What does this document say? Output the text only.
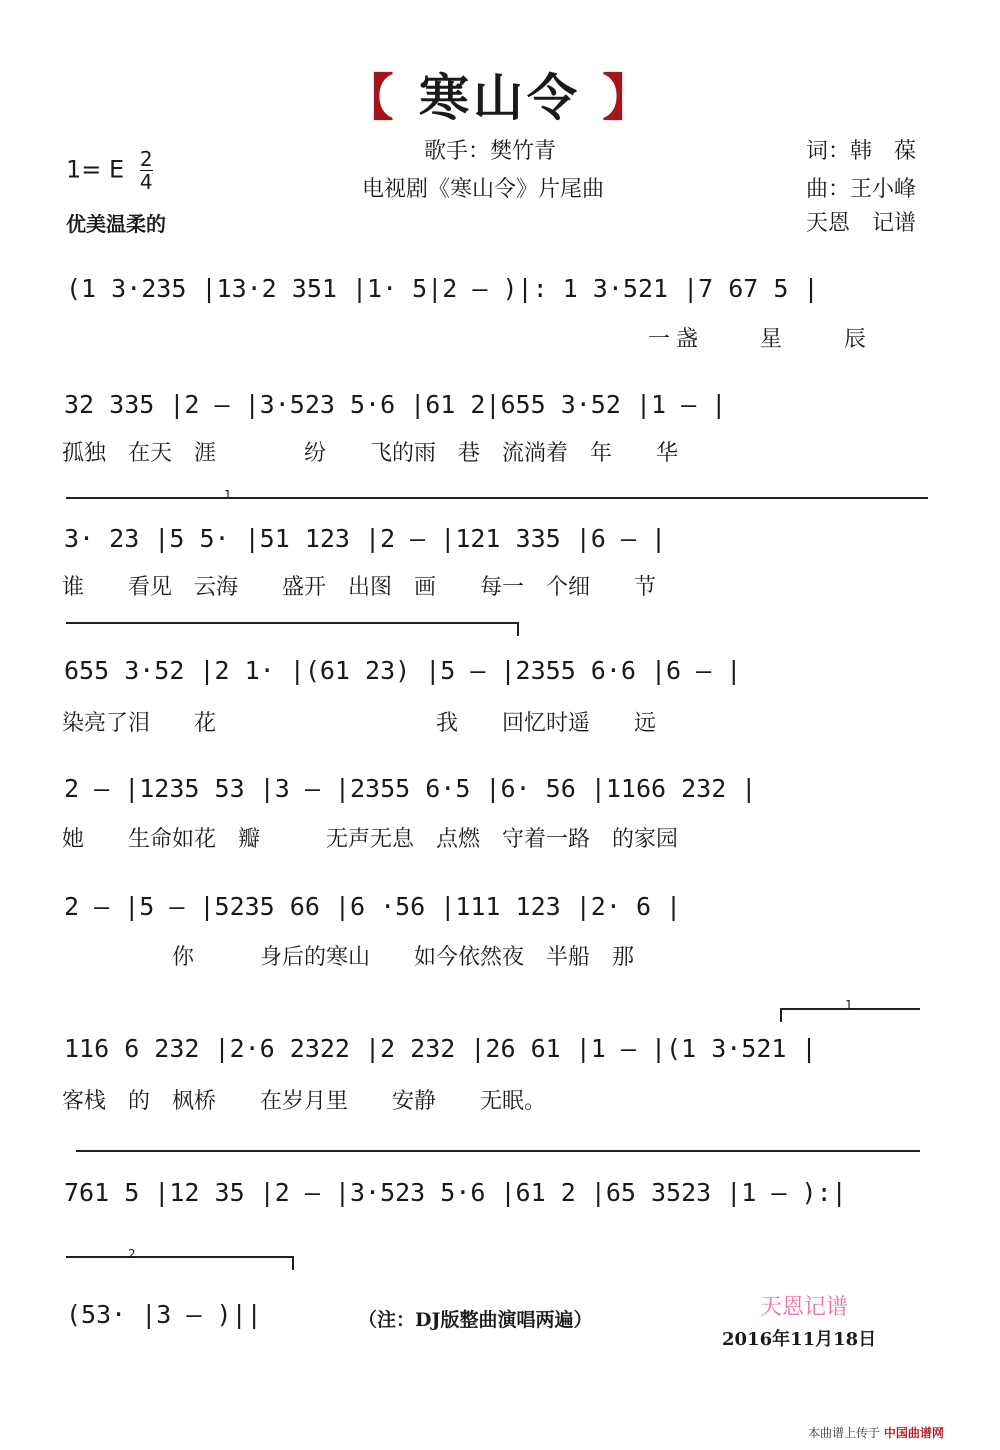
【 寒山令 】
歌手：樊竹青
电视剧《寒山令》片尾曲
词：韩　葆
曲：王小峰
天恩　记谱
1= E $\frac{2}{4}$
优美温柔的
1
1
2
(1 3·235 |13·2 351 |1· 5|2 – )|: 1 3·521 |7 67 5 |
一盏　　星　　辰
32 335 |2 – |3·523 5·6 |61 2|655 3·52 |1 – |
孤独　在天　涯　　　　纷　　飞的雨　巷　流淌着　年　　华
3· 23 |5 5· |51 123 |2 – |121 335 |6 – |
谁　　看见　云海　　盛开　出图　画　　每一　个细　　节
655 3·52 |2 1· |(61 23) |5 – |2355 6·6 |6 – |
染亮了泪　　花　　　　　　　　　　我　　回忆时遥　　远
2 – |1235 53 |3 – |2355 6·5 |6· 56 |1166 232 |
她　　生命如花　瓣　　　无声无息　点燃　守着一路　的家园
2 – |5 – |5235 66 |6 ·56 |111 123 |2· 6 |
你　　　身后的寒山　　如今依然夜　半船　那
116 6 232 |2·6 2322 |2 232 |26 61 |1 – |(1 3·521 |
客栈　的　枫桥　　在岁月里　　安静　　无眠。
761 5 |12 35 |2 – |3·523 5·6 |61 2 |65 3523 |1 – ):|
(53· |3 – )||	（注：DJ版整曲演唱两遍）	天恩记谱
2016年11月18日
本曲谱上传于 中国曲谱网
